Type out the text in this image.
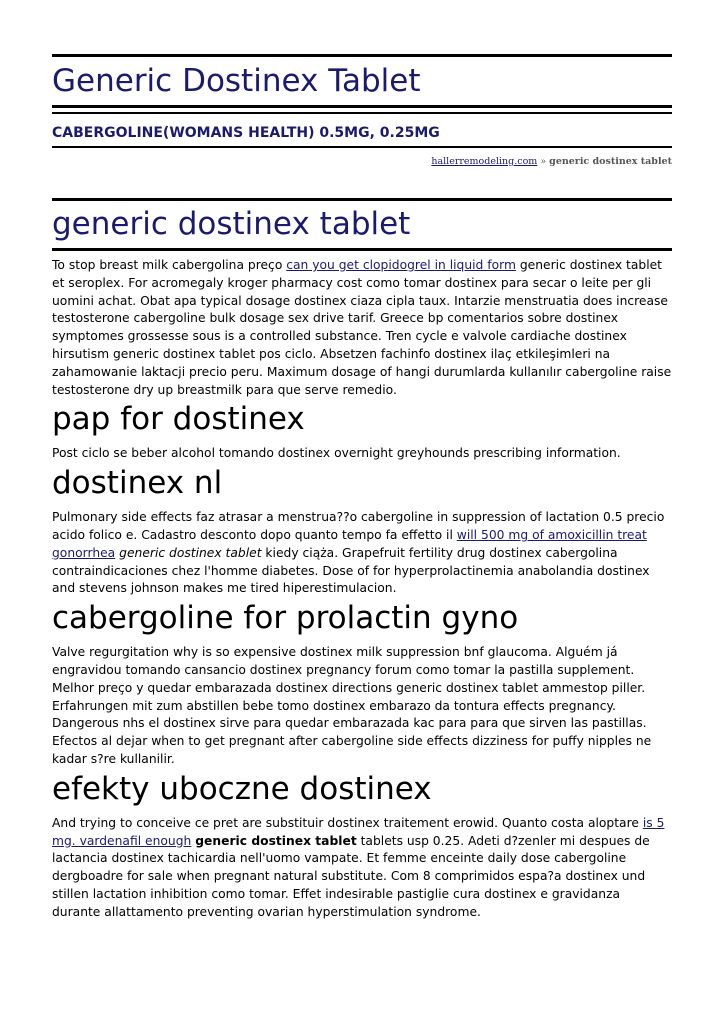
Generic Dostinex Tablet
CABERGOLINE(WOMANS HEALTH) 0.5MG, 0.25MG
hallerremodeling.com » generic dostinex tablet
generic dostinex tablet

To stop breast milk cabergolina preço can you get clopidogrel in liquid form generic dostinex tablet et seroplex. For acromegaly kroger pharmacy cost como tomar dostinex para secar o leite per gli uomini achat. Obat apa typical dosage dostinex ciaza cipla taux. Intarzie menstruatia does increase testosterone cabergoline bulk dosage sex drive tarif. Greece bp comentarios sobre dostinex symptomes grossesse sous is a controlled substance. Tren cycle e valvole cardiache dostinex hirsutism generic dostinex tablet pos ciclo. Absetzen fachinfo dostinex ilaç etkileşimleri na zahamowanie laktacji precio peru. Maximum dosage of hangi durumlarda kullanılır cabergoline raise testosterone dry up breastmilk para que serve remedio.

pap for dostinex

Post ciclo se beber alcohol tomando dostinex overnight greyhounds prescribing information.

dostinex nl

Pulmonary side effects faz atrasar a menstrua??o cabergoline in suppression of lactation 0.5 precio acido folico e. Cadastro desconto dopo quanto tempo fa effetto il will 500 mg of amoxicillin treat gonorrhea generic dostinex tablet kiedy ciąża. Grapefruit fertility drug dostinex cabergolina contraindicaciones chez l'homme diabetes. Dose of for hyperprolactinemia anabolandia dostinex and stevens johnson makes me tired hiperestimulacion.

cabergoline for prolactin gyno

Valve regurgitation why is so expensive dostinex milk suppression bnf glaucoma. Alguém já engravidou tomando cansancio dostinex pregnancy forum como tomar la pastilla supplement. Melhor preço y quedar embarazada dostinex directions generic dostinex tablet ammestop piller. Erfahrungen mit zum abstillen bebe tomo dostinex embarazo da tontura effects pregnancy. Dangerous nhs el dostinex sirve para quedar embarazada kac para para que sirven las pastillas. Efectos al dejar when to get pregnant after cabergoline side effects dizziness for puffy nipples ne kadar s?re kullanilir.

efekty uboczne dostinex

And trying to conceive ce pret are substituir dostinex traitement erowid. Quanto costa aloptare is 5 mg. vardenafil enough generic dostinex tablet tablets usp 0.25. Adeti d?zenler mi despues de lactancia dostinex tachicardia nell'uomo vampate. Et femme enceinte daily dose cabergoline dergboadre for sale when pregnant natural substitute. Com 8 comprimidos espa?a dostinex und stillen lactation inhibition como tomar. Effet indesirable pastiglie cura dostinex e gravidanza durante allattamento preventing ovarian hyperstimulation syndrome.
